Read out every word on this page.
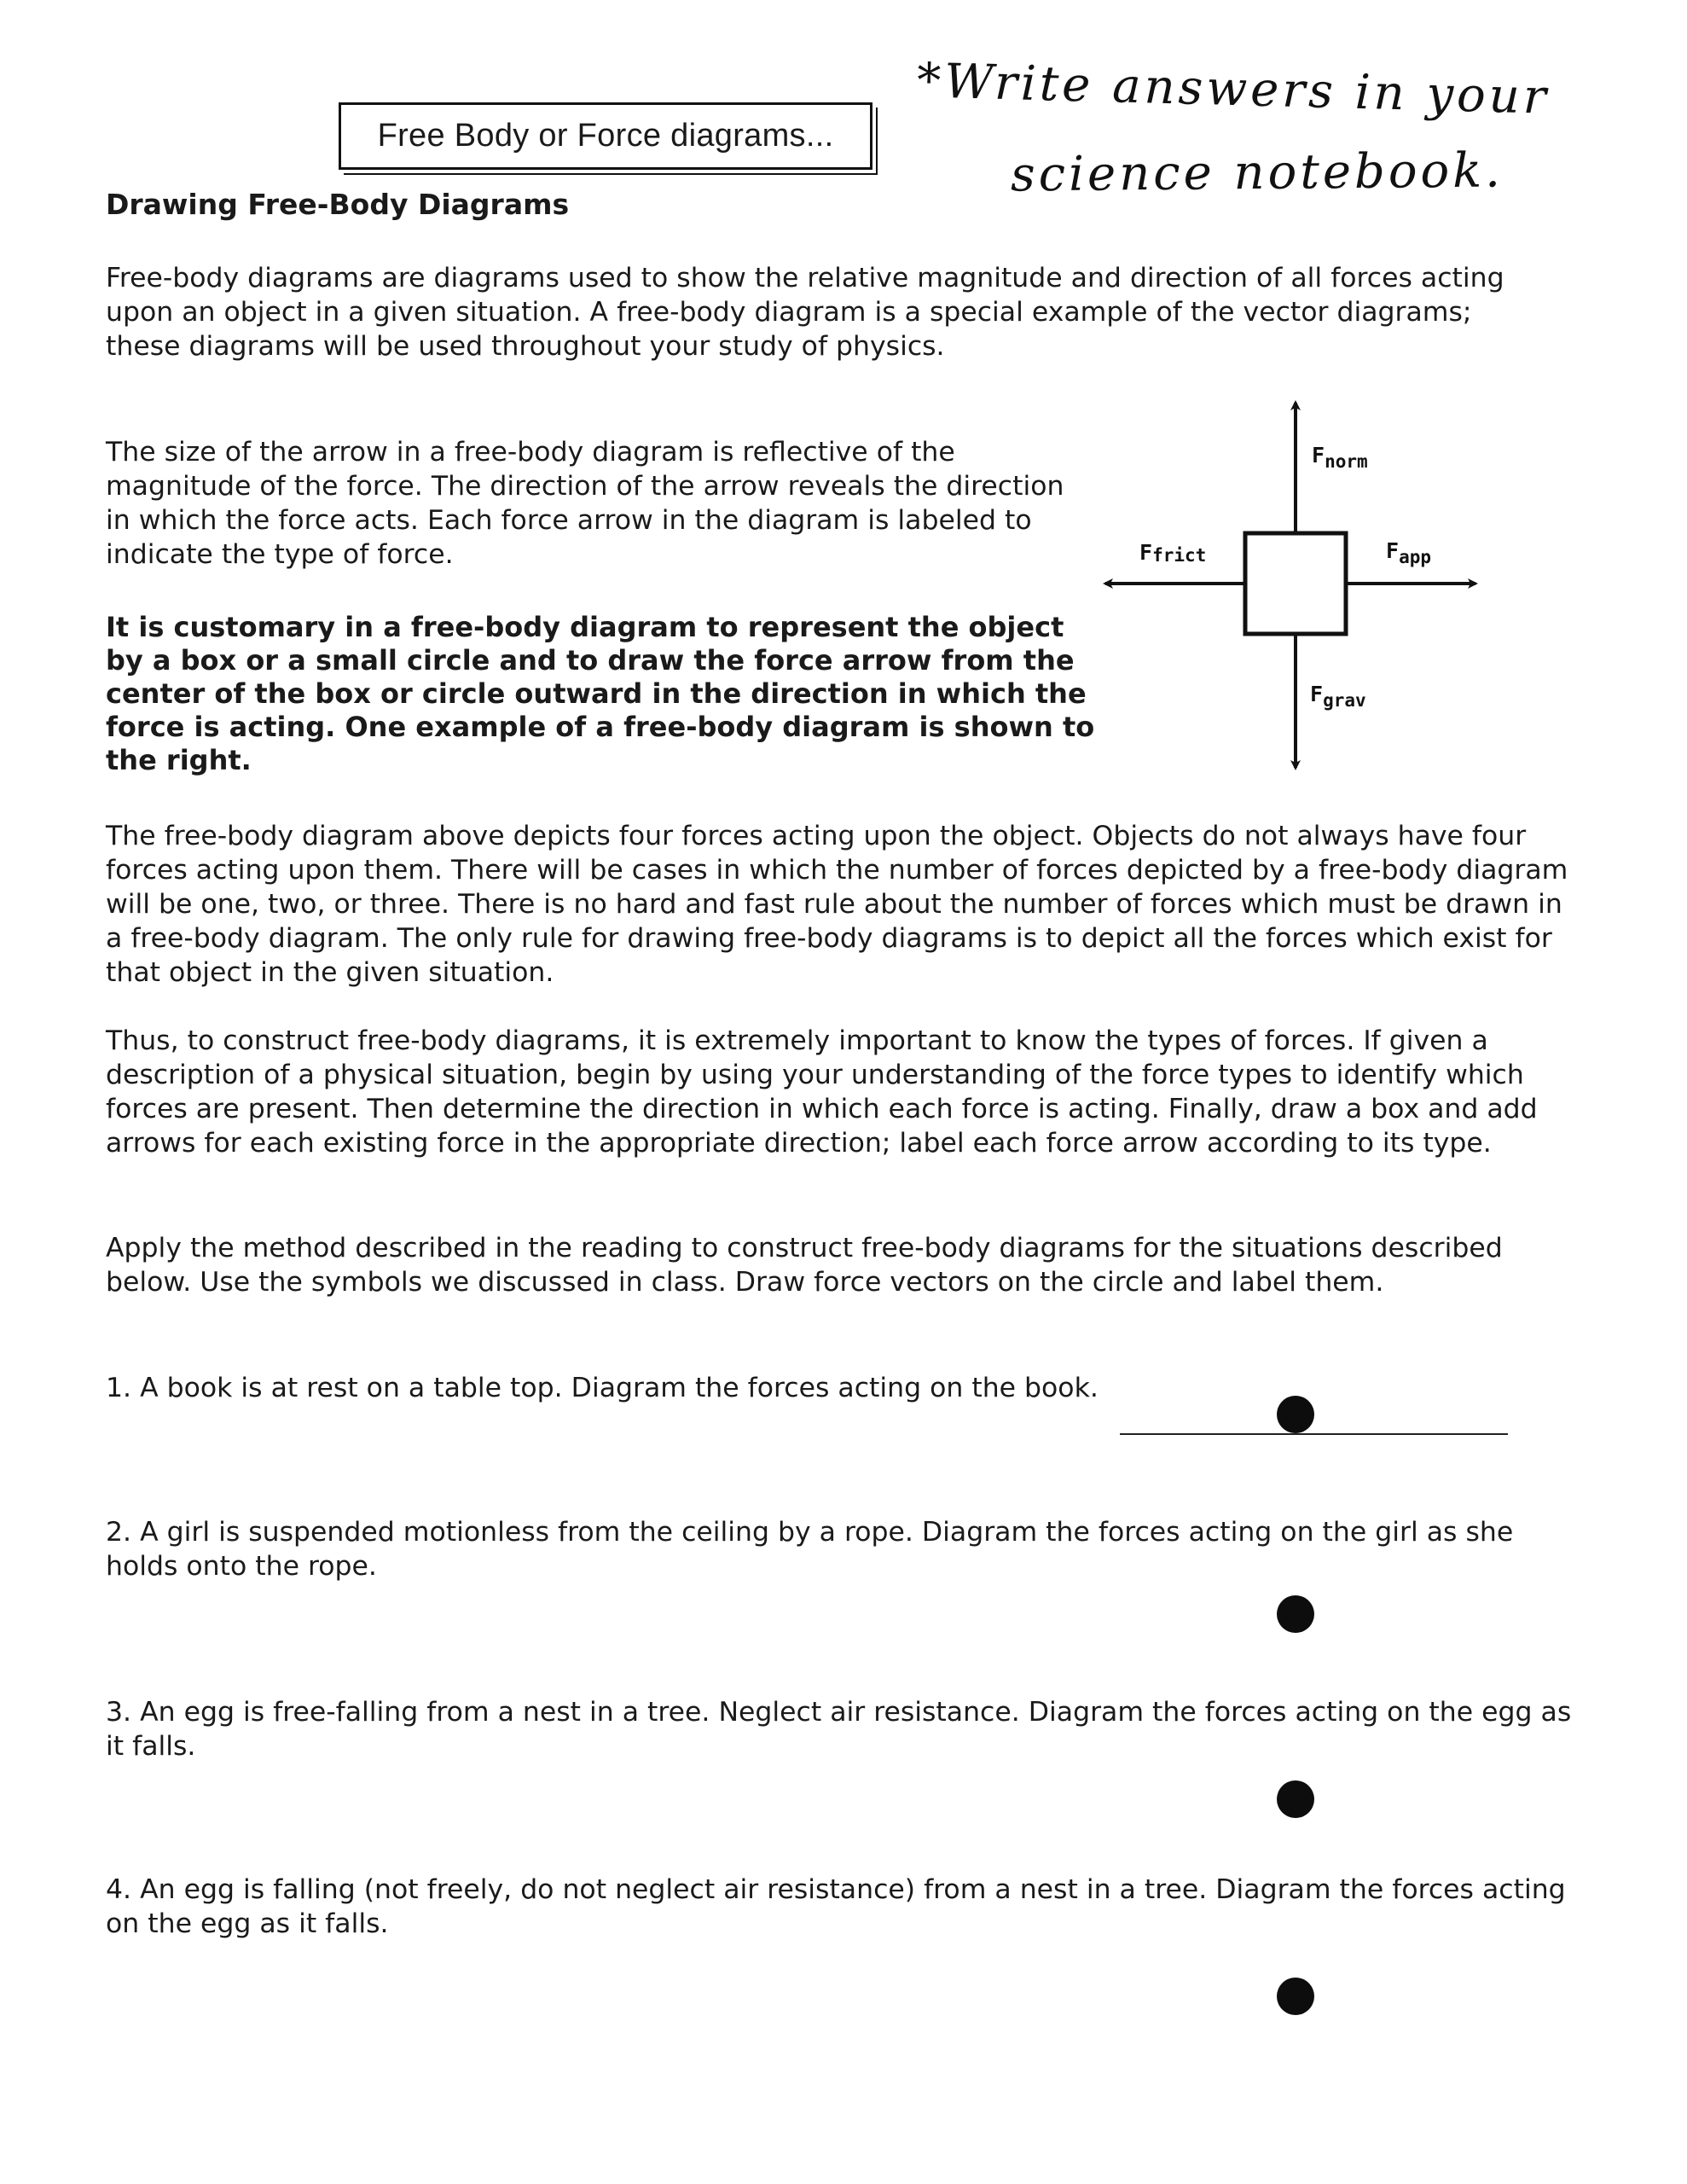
Free Body or Force diagrams...
*Write answers in your
science notebook.
Drawing Free-Body Diagrams

Free-body diagrams are diagrams used to show the relative magnitude and direction of all forces acting upon an object in a given situation. A free-body diagram is a special example of the vector diagrams; these diagrams will be used throughout your study of physics.

The size of the arrow in a free-body diagram is reflective of the magnitude of the force. The direction of the arrow reveals the direction in which the force acts. Each force arrow in the diagram is labeled to indicate the type of force.

It is customary in a free-body diagram to represent the object by a box or a small circle and to draw the force arrow from the center of the box or circle outward in the direction in which the force is acting. One example of a free-body diagram is shown to the right.

$F_{norm}$
$F_{app}$
Ffrict
$F_{grav}$

The free-body diagram above depicts four forces acting upon the object. Objects do not always have four forces acting upon them. There will be cases in which the number of forces depicted by a free-body diagram will be one, two, or three. There is no hard and fast rule about the number of forces which must be drawn in a free-body diagram. The only rule for drawing free-body diagrams is to depict all the forces which exist for that object in the given situation.

Thus, to construct free-body diagrams, it is extremely important to know the types of forces. If given a description of a physical situation, begin by using your understanding of the force types to identify which forces are present. Then determine the direction in which each force is acting. Finally, draw a box and add arrows for each existing force in the appropriate direction; label each force arrow according to its type.

Apply the method described in the reading to construct free-body diagrams for the situations described below. Use the symbols we discussed in class. Draw force vectors on the circle and label them.

1. A book is at rest on a table top. Diagram the forces acting on the book.

2. A girl is suspended motionless from the ceiling by a rope. Diagram the forces acting on the girl as she holds onto the rope.

3. An egg is free-falling from a nest in a tree. Neglect air resistance. Diagram the forces acting on the egg as it falls.

4. An egg is falling (not freely, do not neglect air resistance) from a nest in a tree. Diagram the forces acting on the egg as it falls.
